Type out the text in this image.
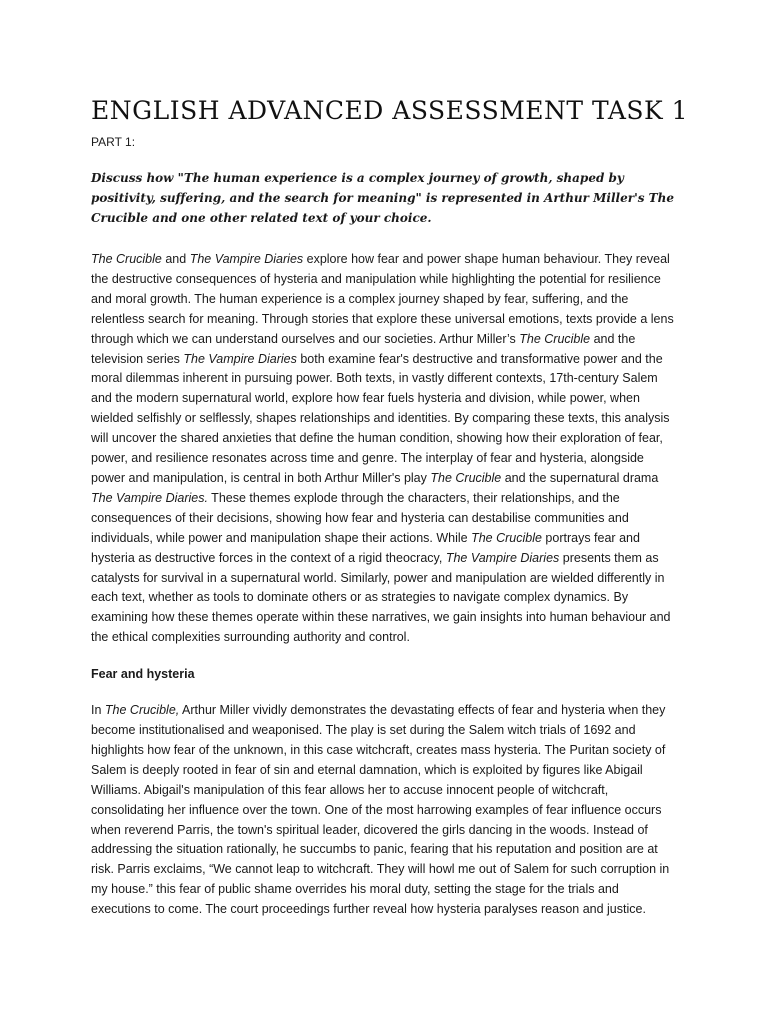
ENGLISH ADVANCED ASSESSMENT TASK 1
PART 1:
Discuss how "The human experience is a complex journey of growth, shaped by positivity, suffering, and the search for meaning" is represented in Arthur Miller's The Crucible and one other related text of your choice.
The Crucible and The Vampire Diaries explore how fear and power shape human behaviour. They reveal the destructive consequences of hysteria and manipulation while highlighting the potential for resilience and moral growth. The human experience is a complex journey shaped by fear, suffering, and the relentless search for meaning. Through stories that explore these universal emotions, texts provide a lens through which we can understand ourselves and our societies. Arthur Miller’s The Crucible and the television series The Vampire Diaries both examine fear's destructive and transformative power and the moral dilemmas inherent in pursuing power. Both texts, in vastly different contexts, 17th-century Salem and the modern supernatural world, explore how fear fuels hysteria and division, while power, when wielded selfishly or selflessly, shapes relationships and identities. By comparing these texts, this analysis will uncover the shared anxieties that define the human condition, showing how their exploration of fear, power, and resilience resonates across time and genre. The interplay of fear and hysteria, alongside power and manipulation, is central in both Arthur Miller's play The Crucible and the supernatural drama The Vampire Diaries. These themes explode through the characters, their relationships, and the consequences of their decisions, showing how fear and hysteria can destabilise communities and individuals, while power and manipulation shape their actions. While The Crucible portrays fear and hysteria as destructive forces in the context of a rigid theocracy, The Vampire Diaries presents them as catalysts for survival in a supernatural world. Similarly, power and manipulation are wielded differently in each text, whether as tools to dominate others or as strategies to navigate complex dynamics. By examining how these themes operate within these narratives, we gain insights into human behaviour and the ethical complexities surrounding authority and control.
Fear and hysteria
In The Crucible, Arthur Miller vividly demonstrates the devastating effects of fear and hysteria when they become institutionalised and weaponised. The play is set during the Salem witch trials of 1692 and highlights how fear of the unknown, in this case witchcraft, creates mass hysteria. The Puritan society of Salem is deeply rooted in fear of sin and eternal damnation, which is exploited by figures like Abigail Williams. Abigail's manipulation of this fear allows her to accuse innocent people of witchcraft, consolidating her influence over the town. One of the most harrowing examples of fear influence occurs when reverend Parris, the town's spiritual leader, dicovered the girls dancing in the woods. Instead of addressing the situation rationally, he succumbs to panic, fearing that his reputation and position are at risk. Parris exclaims, “We cannot leap to witchcraft. They will howl me out of Salem for such corruption in my house.” this fear of public shame overrides his moral duty, setting the stage for the trials and executions to come. The court proceedings further reveal how hysteria paralyses reason and justice.
